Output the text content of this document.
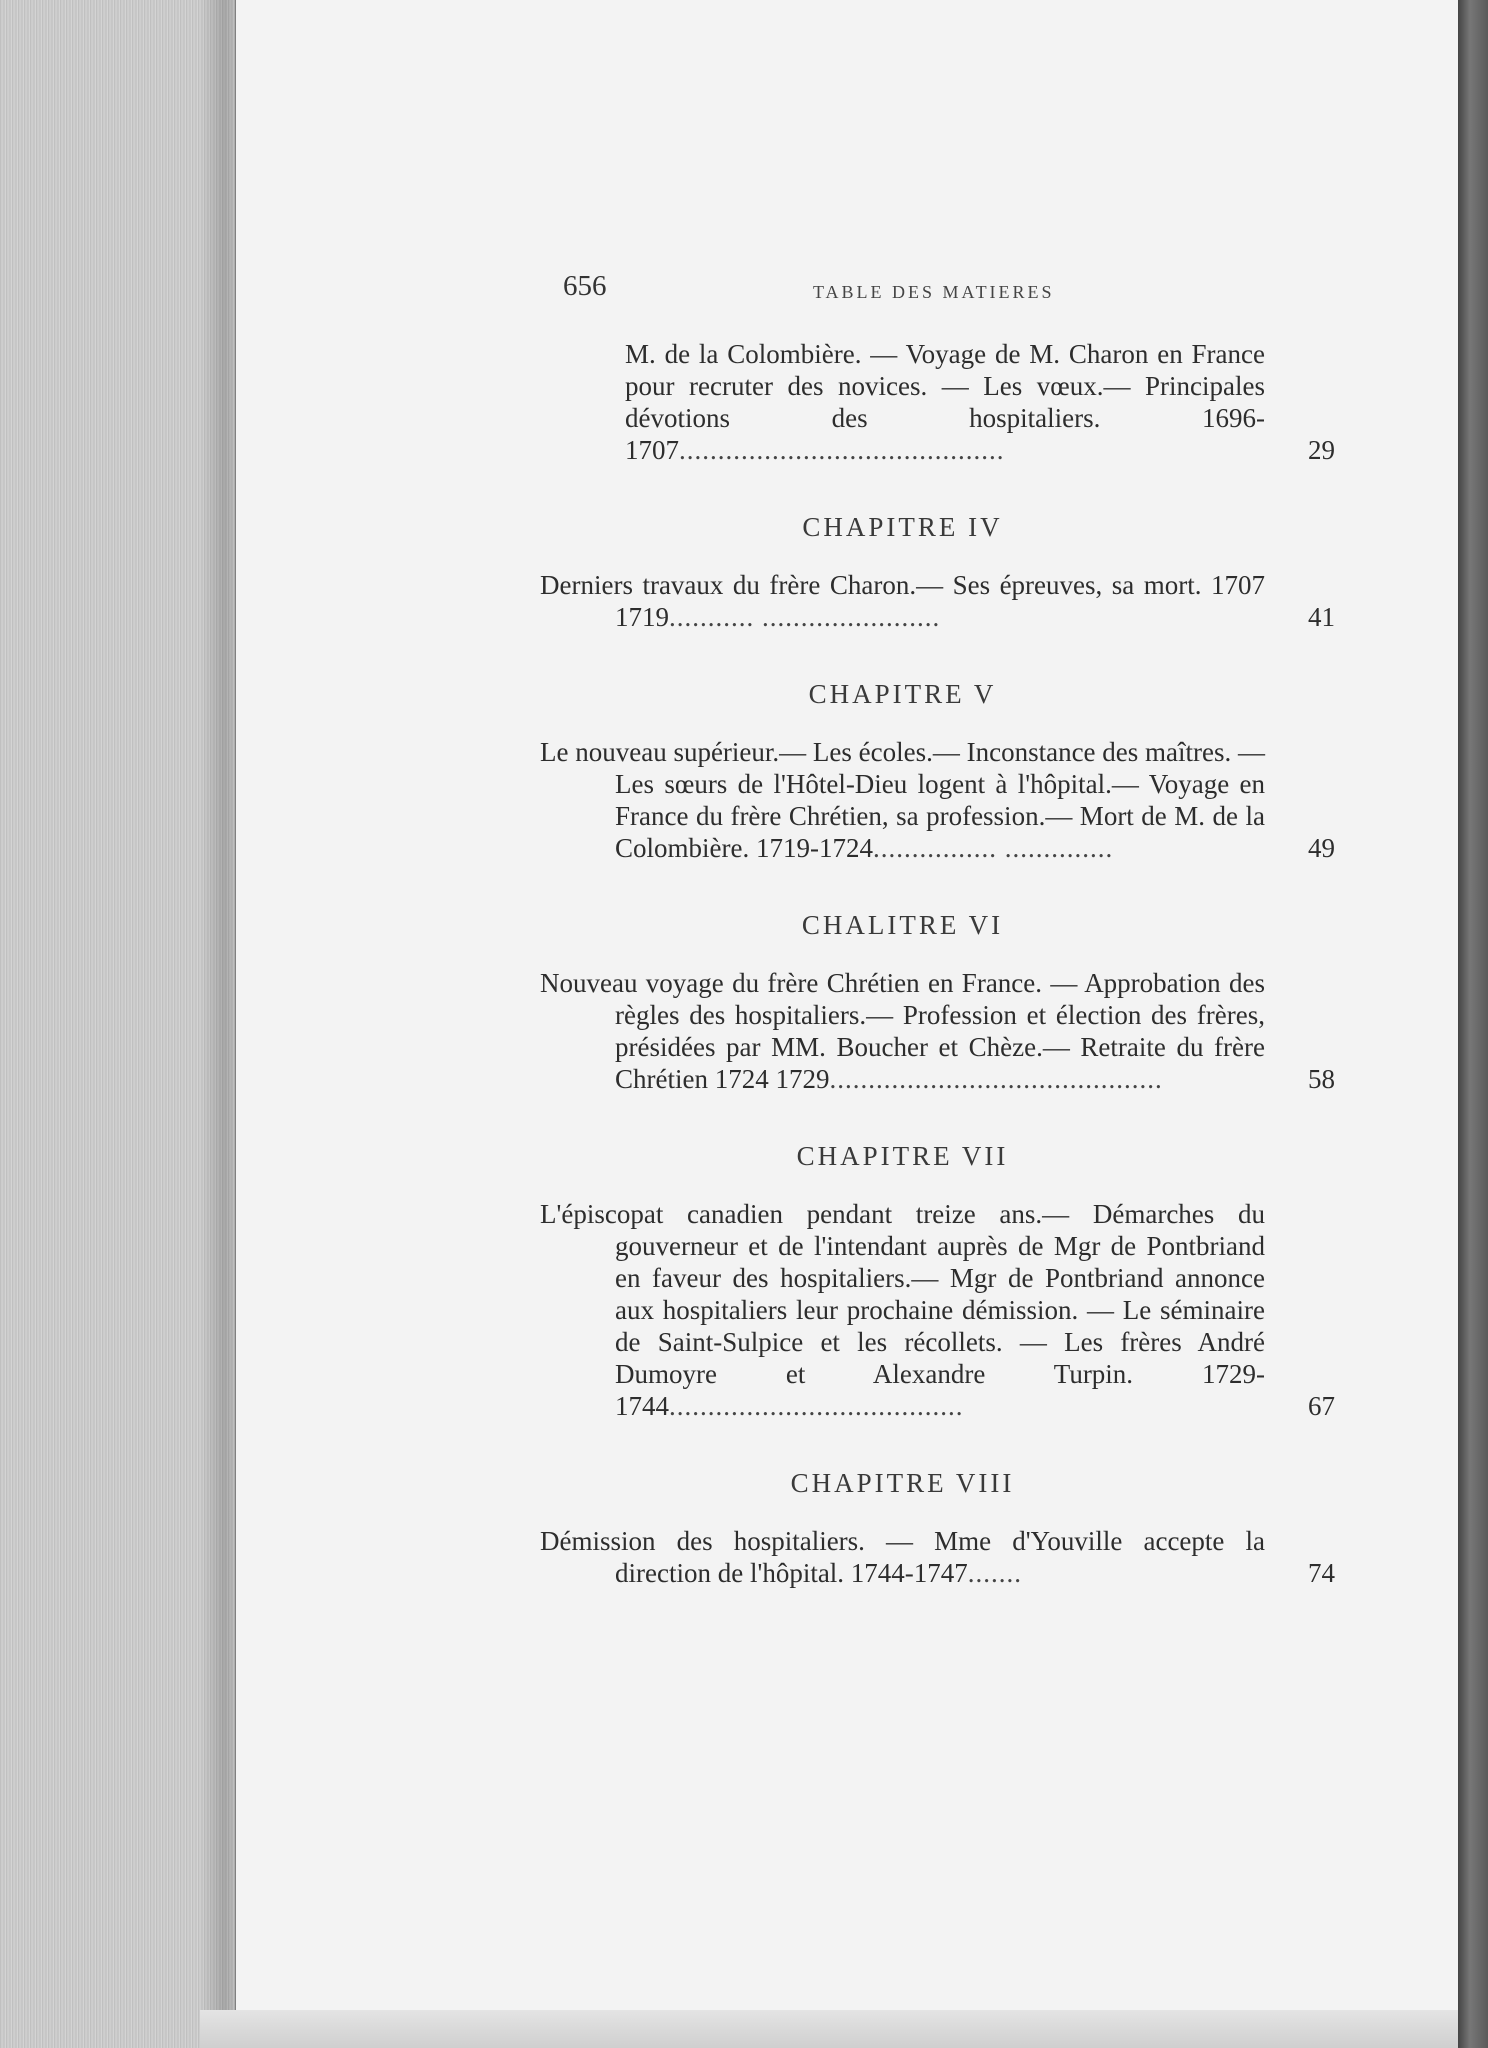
656	TABLE DES MATIERES
M. de la Colombière. — Voyage de M. Charon en France pour recruter des novices. — Les vœux.— Principales dévotions des hospitaliers. 1696-1707..........................................	29
CHAPITRE IV
Derniers travaux du frère Charon.— Ses épreuves, sa mort. 1707 1719........... .......................	41
CHAPITRE V
Le nouveau supérieur.— Les écoles.— Inconstance des maîtres. — Les sœurs de l'Hôtel-Dieu logent à l'hôpital.— Voyage en France du frère Chrétien, sa profession.— Mort de M. de la Colombière. 1719-1724................ ..............	49
CHALITRE VI
Nouveau voyage du frère Chrétien en France. — Approbation des règles des hospitaliers.— Profession et élection des frères, présidées par MM. Boucher et Chèze.— Retraite du frère Chrétien 1724 1729...........................................	58
CHAPITRE VII
L'épiscopat canadien pendant treize ans.— Démarches du gouverneur et de l'intendant auprès de Mgr de Pontbriand en faveur des hospitaliers.— Mgr de Pontbriand annonce aux hospitaliers leur prochaine démission. — Le séminaire de Saint-Sulpice et les récollets. — Les frères André Dumoyre et Alexandre Turpin. 1729-1744......................................	67
CHAPITRE VIII
Démission des hospitaliers. — Mme d'Youville accepte la direction de l'hôpital. 1744-1747.......	74
